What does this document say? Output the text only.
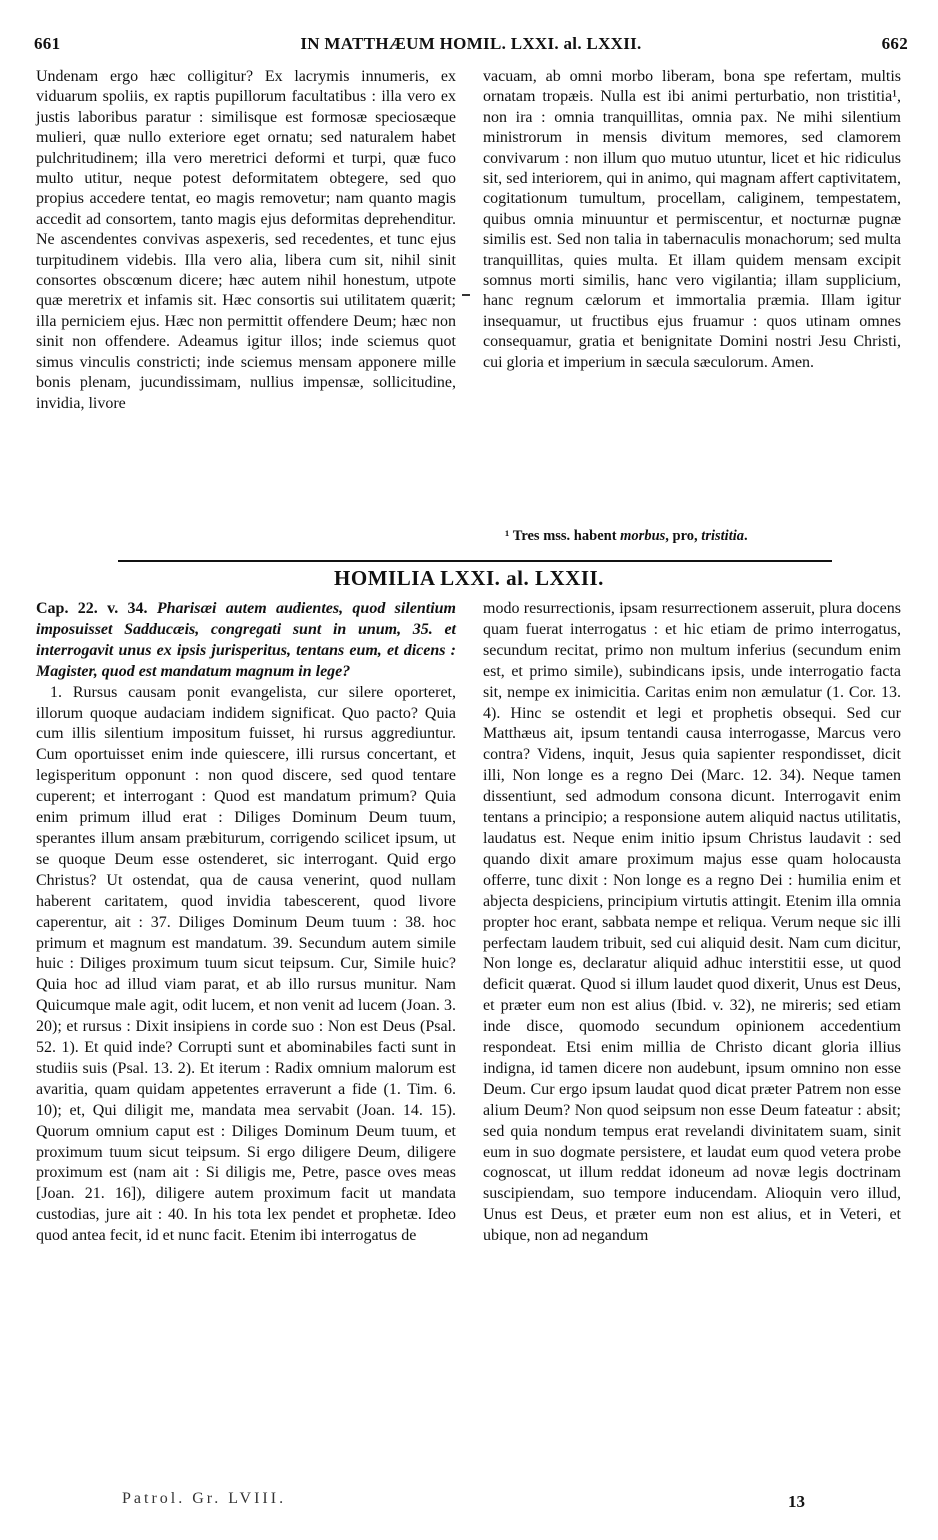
661	IN MATTHÆUM HOMIL. LXXI. al. LXXII.	662

Undenam ergo hæc colligitur? Ex lacrymis innumeris, ex viduarum spoliis, ex raptis pupillorum facultatibus : illa vero ex justis laboribus paratur : similisque est formosæ speciosæque mulieri, quæ nullo exteriore eget ornatu; sed naturalem habet pulchritudinem; illa vero meretrici deformi et turpi, quæ fuco multo utitur, neque potest deformitatem obtegere, sed quo propius accedere tentat, eo magis removetur; nam quanto magis accedit ad consortem, tanto magis ejus deformitas deprehenditur. Ne ascendentes convivas aspexeris, sed recedentes, et tunc ejus turpitudinem videbis. Illa vero alia, libera cum sit, nihil sinit consortes obscœnum dicere; hæc autem nihil honestum, utpote quæ meretrix et infamis sit. Hæc consortis sui utilitatem quærit; illa perniciem ejus. Hæc non permittit offendere Deum; hæc non sinit non offendere. Adeamus igitur illos; inde sciemus quot simus vinculis constricti; inde sciemus mensam apponere mille bonis plenam, jucundissimam, nullius impensæ, sollicitudine, invidia, livore

vacuam, ab omni morbo liberam, bona spe refertam, multis ornatam tropæis. Nulla est ibi animi perturbatio, non tristitia¹, non ira : omnia tranquillitas, omnia pax. Ne mihi silentium ministrorum in mensis divitum memores, sed clamorem convivarum : non illum quo mutuo utuntur, licet et hic ridiculus sit, sed interiorem, qui in animo, qui magnam affert captivitatem, cogitationum tumultum, procellam, caliginem, tempestatem, quibus omnia minuuntur et permiscentur, et nocturnæ pugnæ similis est. Sed non talia in tabernaculis monachorum; sed multa tranquillitas, quies multa. Et illam quidem mensam excipit somnus morti similis, hanc vero vigilantia; illam supplicium, hanc regnum cælorum et immortalia præmia. Illam igitur insequamur, ut fructibus ejus fruamur : quos utinam omnes consequamur, gratia et benignitate Domini nostri Jesu Christi, cui gloria et imperium in sæcula sæculorum. Amen.

¹ Tres mss. habent morbus, pro, tristitia.
HOMILIA LXXI. al. LXXII.

Cap. 22. v. 34. Pharisæi autem audientes, quod silentium imposuisset Sadducæis, congregati sunt in unum, 35. et interrogavit unus ex ipsis jurisperitus, tentans eum, et dicens : Magister, quod est mandatum magnum in lege?

1. Rursus causam ponit evangelista, cur silere oporteret, illorum quoque audaciam indidem significat. Quo pacto? Quia cum illis silentium impositum fuisset, hi rursus aggrediuntur. Cum oportuisset enim inde quiescere, illi rursus concertant, et legisperitum opponunt : non quod discere, sed quod tentare cuperent; et interrogant : Quod est mandatum primum? Quia enim primum illud erat : Diliges Dominum Deum tuum, sperantes illum ansam præbiturum, corrigendo scilicet ipsum, ut se quoque Deum esse ostenderet, sic interrogant. Quid ergo Christus? Ut ostendat, qua de causa venerint, quod nullam haberent caritatem, quod invidia tabescerent, quod livore caperentur, ait : 37. Diliges Dominum Deum tuum : 38. hoc primum et magnum est mandatum. 39. Secundum autem simile huic : Diliges proximum tuum sicut teipsum. Cur, Simile huic? Quia hoc ad illud viam parat, et ab illo rursus munitur. Nam Quicumque male agit, odit lucem, et non venit ad lucem (Joan. 3. 20); et rursus : Dixit insipiens in corde suo : Non est Deus (Psal. 52. 1). Et quid inde? Corrupti sunt et abominabiles facti sunt in studiis suis (Psal. 13. 2). Et iterum : Radix omnium malorum est avaritia, quam quidam appetentes erraverunt a fide (1. Tim. 6. 10); et, Qui diligit me, mandata mea servabit (Joan. 14. 15). Quorum omnium caput est : Diliges Dominum Deum tuum, et proximum tuum sicut teipsum. Si ergo diligere Deum, diligere proximum est (nam ait : Si diligis me, Petre, pasce oves meas [Joan. 21. 16]), diligere autem proximum facit ut mandata custodias, jure ait : 40. In his tota lex pendet et prophetæ. Ideo quod antea fecit, id et nunc facit. Etenim ibi interrogatus de

modo resurrectionis, ipsam resurrectionem asseruit, plura docens quam fuerat interrogatus : et hic etiam de primo interrogatus, secundum recitat, primo non multum inferius (secundum enim est, et primo simile), subindicans ipsis, unde interrogatio facta sit, nempe ex inimicitia. Caritas enim non æmulatur (1. Cor. 13. 4). Hinc se ostendit et legi et prophetis obsequi. Sed cur Matthæus ait, ipsum tentandi causa interrogasse, Marcus vero contra? Videns, inquit, Jesus quia sapienter respondisset, dicit illi, Non longe es a regno Dei (Marc. 12. 34). Neque tamen dissentiunt, sed admodum consona dicunt. Interrogavit enim tentans a principio; a responsione autem aliquid nactus utilitatis, laudatus est. Neque enim initio ipsum Christus laudavit : sed quando dixit amare proximum majus esse quam holocausta offerre, tunc dixit : Non longe es a regno Dei : humilia enim et abjecta despiciens, principium virtutis attingit. Etenim illa omnia propter hoc erant, sabbata nempe et reliqua. Verum neque sic illi perfectam laudem tribuit, sed cui aliquid desit. Nam cum dicitur, Non longe es, declaratur aliquid adhuc interstitii esse, ut quod deficit quærat. Quod si illum laudet quod dixerit, Unus est Deus, et præter eum non est alius (Ibid. v. 32), ne mireris; sed etiam inde disce, quomodo secundum opinionem accedentium respondeat. Etsi enim millia de Christo dicant gloria illius indigna, id tamen dicere non audebunt, ipsum omnino non esse Deum. Cur ergo ipsum laudat quod dicat præter Patrem non esse alium Deum? Non quod seipsum non esse Deum fateatur : absit; sed quia nondum tempus erat revelandi divinitatem suam, sinit eum in suo dogmate persistere, et laudat eum quod vetera probe cognoscat, ut illum reddat idoneum ad novæ legis doctrinam suscipiendam, suo tempore inducendam. Alioquin vero illud, Unus est Deus, et præter eum non est alius, et in Veteri, et ubique, non ad negandum

Patrol. Gr. LVIII.	13
